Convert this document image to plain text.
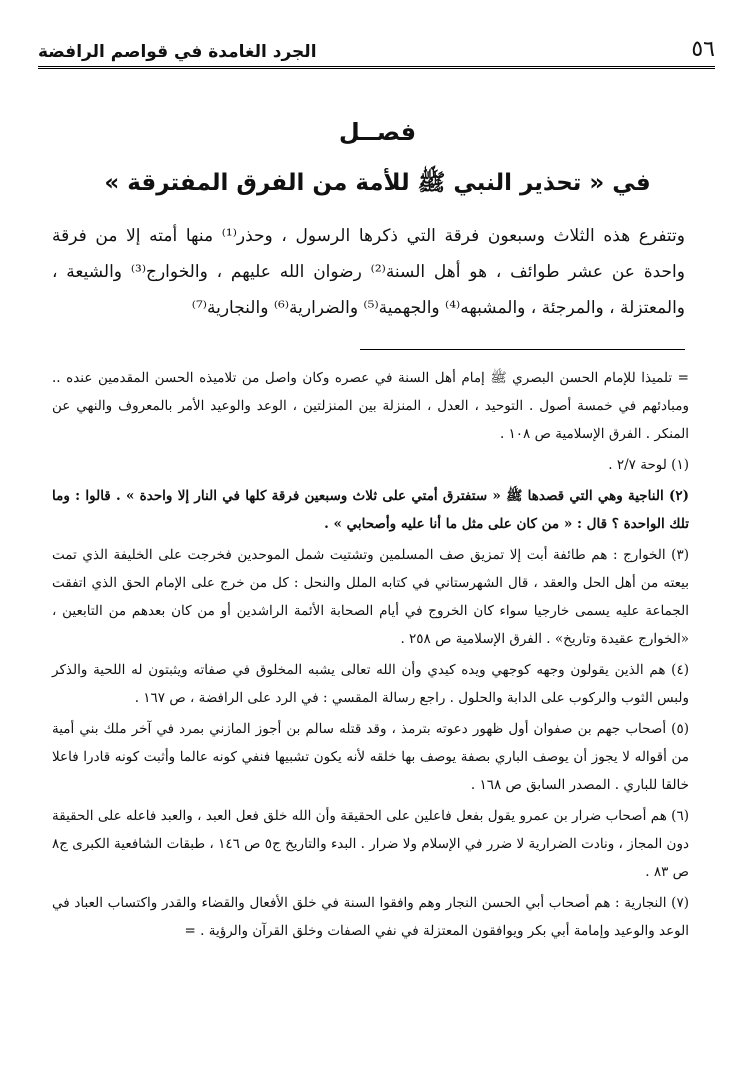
٥٦
الجرد الغامدة في قواصم الرافضة
فصــل
في « تحذير النبي ﷺ للأمة من الفرق المفترقة »

وتتفرع هذه الثلاث وسبعون فرقة التي ذكرها الرسول ، وحذر⁽¹⁾ منها أمته إلا من فرقة واحدة عن عشر طوائف ، هو أهل السنة⁽²⁾ رضوان الله عليهم ، والخوارج⁽³⁾ والشيعة ، والمعتزلة ، والمرجئة ، والمشبهه⁽⁴⁾ والجهمية⁽⁵⁾ والضرارية⁽⁶⁾ والنجارية⁽⁷⁾

= تلميذا للإمام الحسن البصري ﷺ إمام أهل السنة في عصره وكان واصل من تلاميذه الحسن المقدمين عنده .. ومبادئهم في خمسة أصول . التوحيد ، العدل ، المنزلة بين المنزلتين ، الوعد والوعيد الأمر بالمعروف والنهي عن المنكر . الفرق الإسلامية ص ١٠٨ .

(١) لوحة ٢/٧ .

(٢) الناجية وهي التي قصدها ﷺ « ستفترق أمتي على ثلاث وسبعين فرقة كلها في النار إلا واحدة » . قالوا : وما تلك الواحدة ؟ قال : « من كان على مثل ما أنا عليه وأصحابي » .

(٣) الخوارج : هم طائفة أبت إلا تمزيق صف المسلمين وتشتيت شمل الموحدين فخرجت على الخليفة الذي تمت بيعته من أهل الحل والعقد ، قال الشهرستاني في كتابه الملل والنحل : كل من خرج على الإمام الحق الذي اتفقت الجماعة عليه يسمى خارجيا سواء كان الخروج في أيام الصحابة الأئمة الراشدين أو من كان بعدهم من التابعين ، «الخوارج عقيدة وتاريخ» . الفرق الإسلامية ص ٢٥٨ .

(٤) هم الذين يقولون وجهه كوجهي ويده كيدي وأن الله تعالى يشبه المخلوق في صفاته ويثبتون له اللحية والذكر ولبس الثوب والركوب على الدابة والحلول . راجع رسالة المقسي : في الرد على الرافضة ، ص ١٦٧ .

(٥) أصحاب جهم بن صفوان أول ظهور دعوته بترمذ ، وقد قتله سالم بن أجوز المازني بمرد في آخر ملك بني أمية من أقواله لا يجوز أن يوصف الباري بصفة يوصف بها خلقه لأنه يكون تشبيها فنفي كونه عالما وأثبت كونه قادرا فاعلا خالقا للباري . المصدر السابق ص ١٦٨ .

(٦) هم أصحاب ضرار بن عمرو يقول بفعل فاعلين على الحقيقة وأن الله خلق فعل العبد ، والعبد فاعله على الحقيقة دون المجاز ، ونادت الضرارية لا ضرر في الإسلام ولا ضرار . البدء والتاريخ ج٥ ص ١٤٦ ، طبقات الشافعية الكبرى ج٨ ص ٨٣ .

(٧) النجارية : هم أصحاب أبي الحسن النجار وهم وافقوا السنة في خلق الأفعال والقضاء والقدر واكتساب العباد في الوعد والوعيد وإمامة أبي بكر ويوافقون المعتزلة في نفي الصفات وخلق القرآن والرؤية . =
